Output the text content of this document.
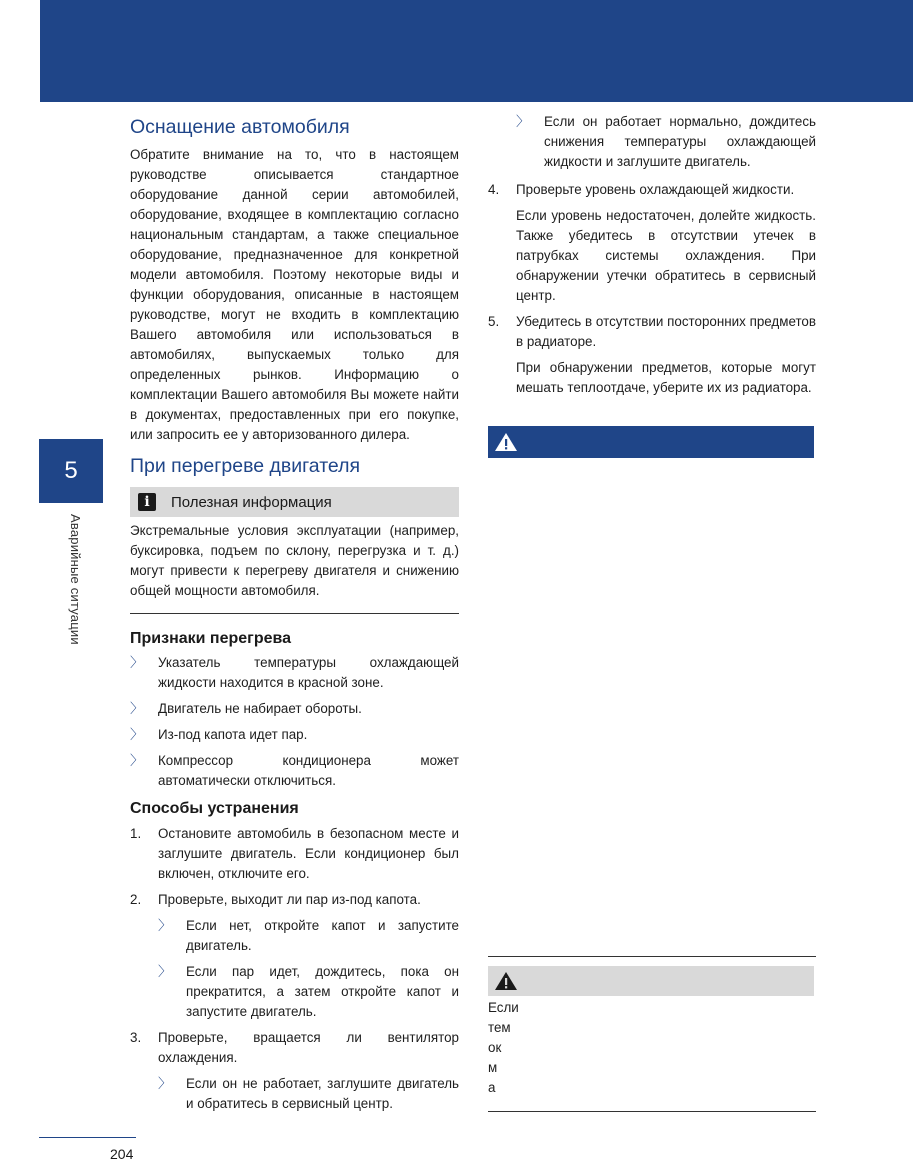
5
Аварийные ситуации
Оснащение автомобиля

Обратите внимание на то, что в настоящем руководстве описывается стандартное оборудование данной серии автомобилей, оборудование, входящее в комплектацию согласно национальным стандартам, а также специальное оборудование, предназначенное для конкретной модели автомобиля. Поэтому некоторые виды и функции оборудования, описанные в настоящем руководстве, могут не входить в комплектацию Вашего автомобиля или использоваться в автомобилях, выпускаемых только для определенных рынков. Информацию о комплектации Вашего автомобиля Вы можете найти в документах, предоставленных при его покупке, или запросить ее у авторизованного дилера.

При перегреве двигателя
i	Полезная информация

Экстремальные условия эксплуатации (например, буксировка, подъем по склону, перегрузка и т. д.) могут привести к перегреву двигателя и снижению общей мощности автомобиля.

Признаки перегрева
〉	Указатель температуры охлаждающей жидкости находится в красной зоне.
〉	Двигатель не набирает обороты.
〉	Из-под капота идет пар.
〉	Компрессор кондиционера может автоматически отключиться.
Способы устранения
1.	Остановите автомобиль в безопасном месте и заглушите двигатель. Если кондиционер был включен, отключите его.
2.	Проверьте, выходит ли пар из-под капота.
〉	Если нет, откройте капот и запустите двигатель.
〉	Если пар идет, дождитесь, пока он прекратится, а затем откройте капот и запустите двигатель.
3.	Проверьте, вращается ли вентилятор охлаждения.
〉	Если он не работает, заглушите двигатель и обратитесь в сервисный центр.
〉	Если он работает нормально, дождитесь снижения температуры охлаждающей жидкости и заглушите двигатель.
4.	Проверьте уровень охлаждающей жидкости.

Если уровень недостаточен, долейте жидкость. Также убедитесь в отсутствии утечек в патрубках системы охлаждения. При обнаружении утечки обратитесь в сервисный центр.

5.	Убедитесь в отсутствии посторонних предметов в радиаторе.

При обнаружении предметов, которые могут мешать теплоотдаче, уберите их из радиатора.

Если
тем
ок
м
а
204
